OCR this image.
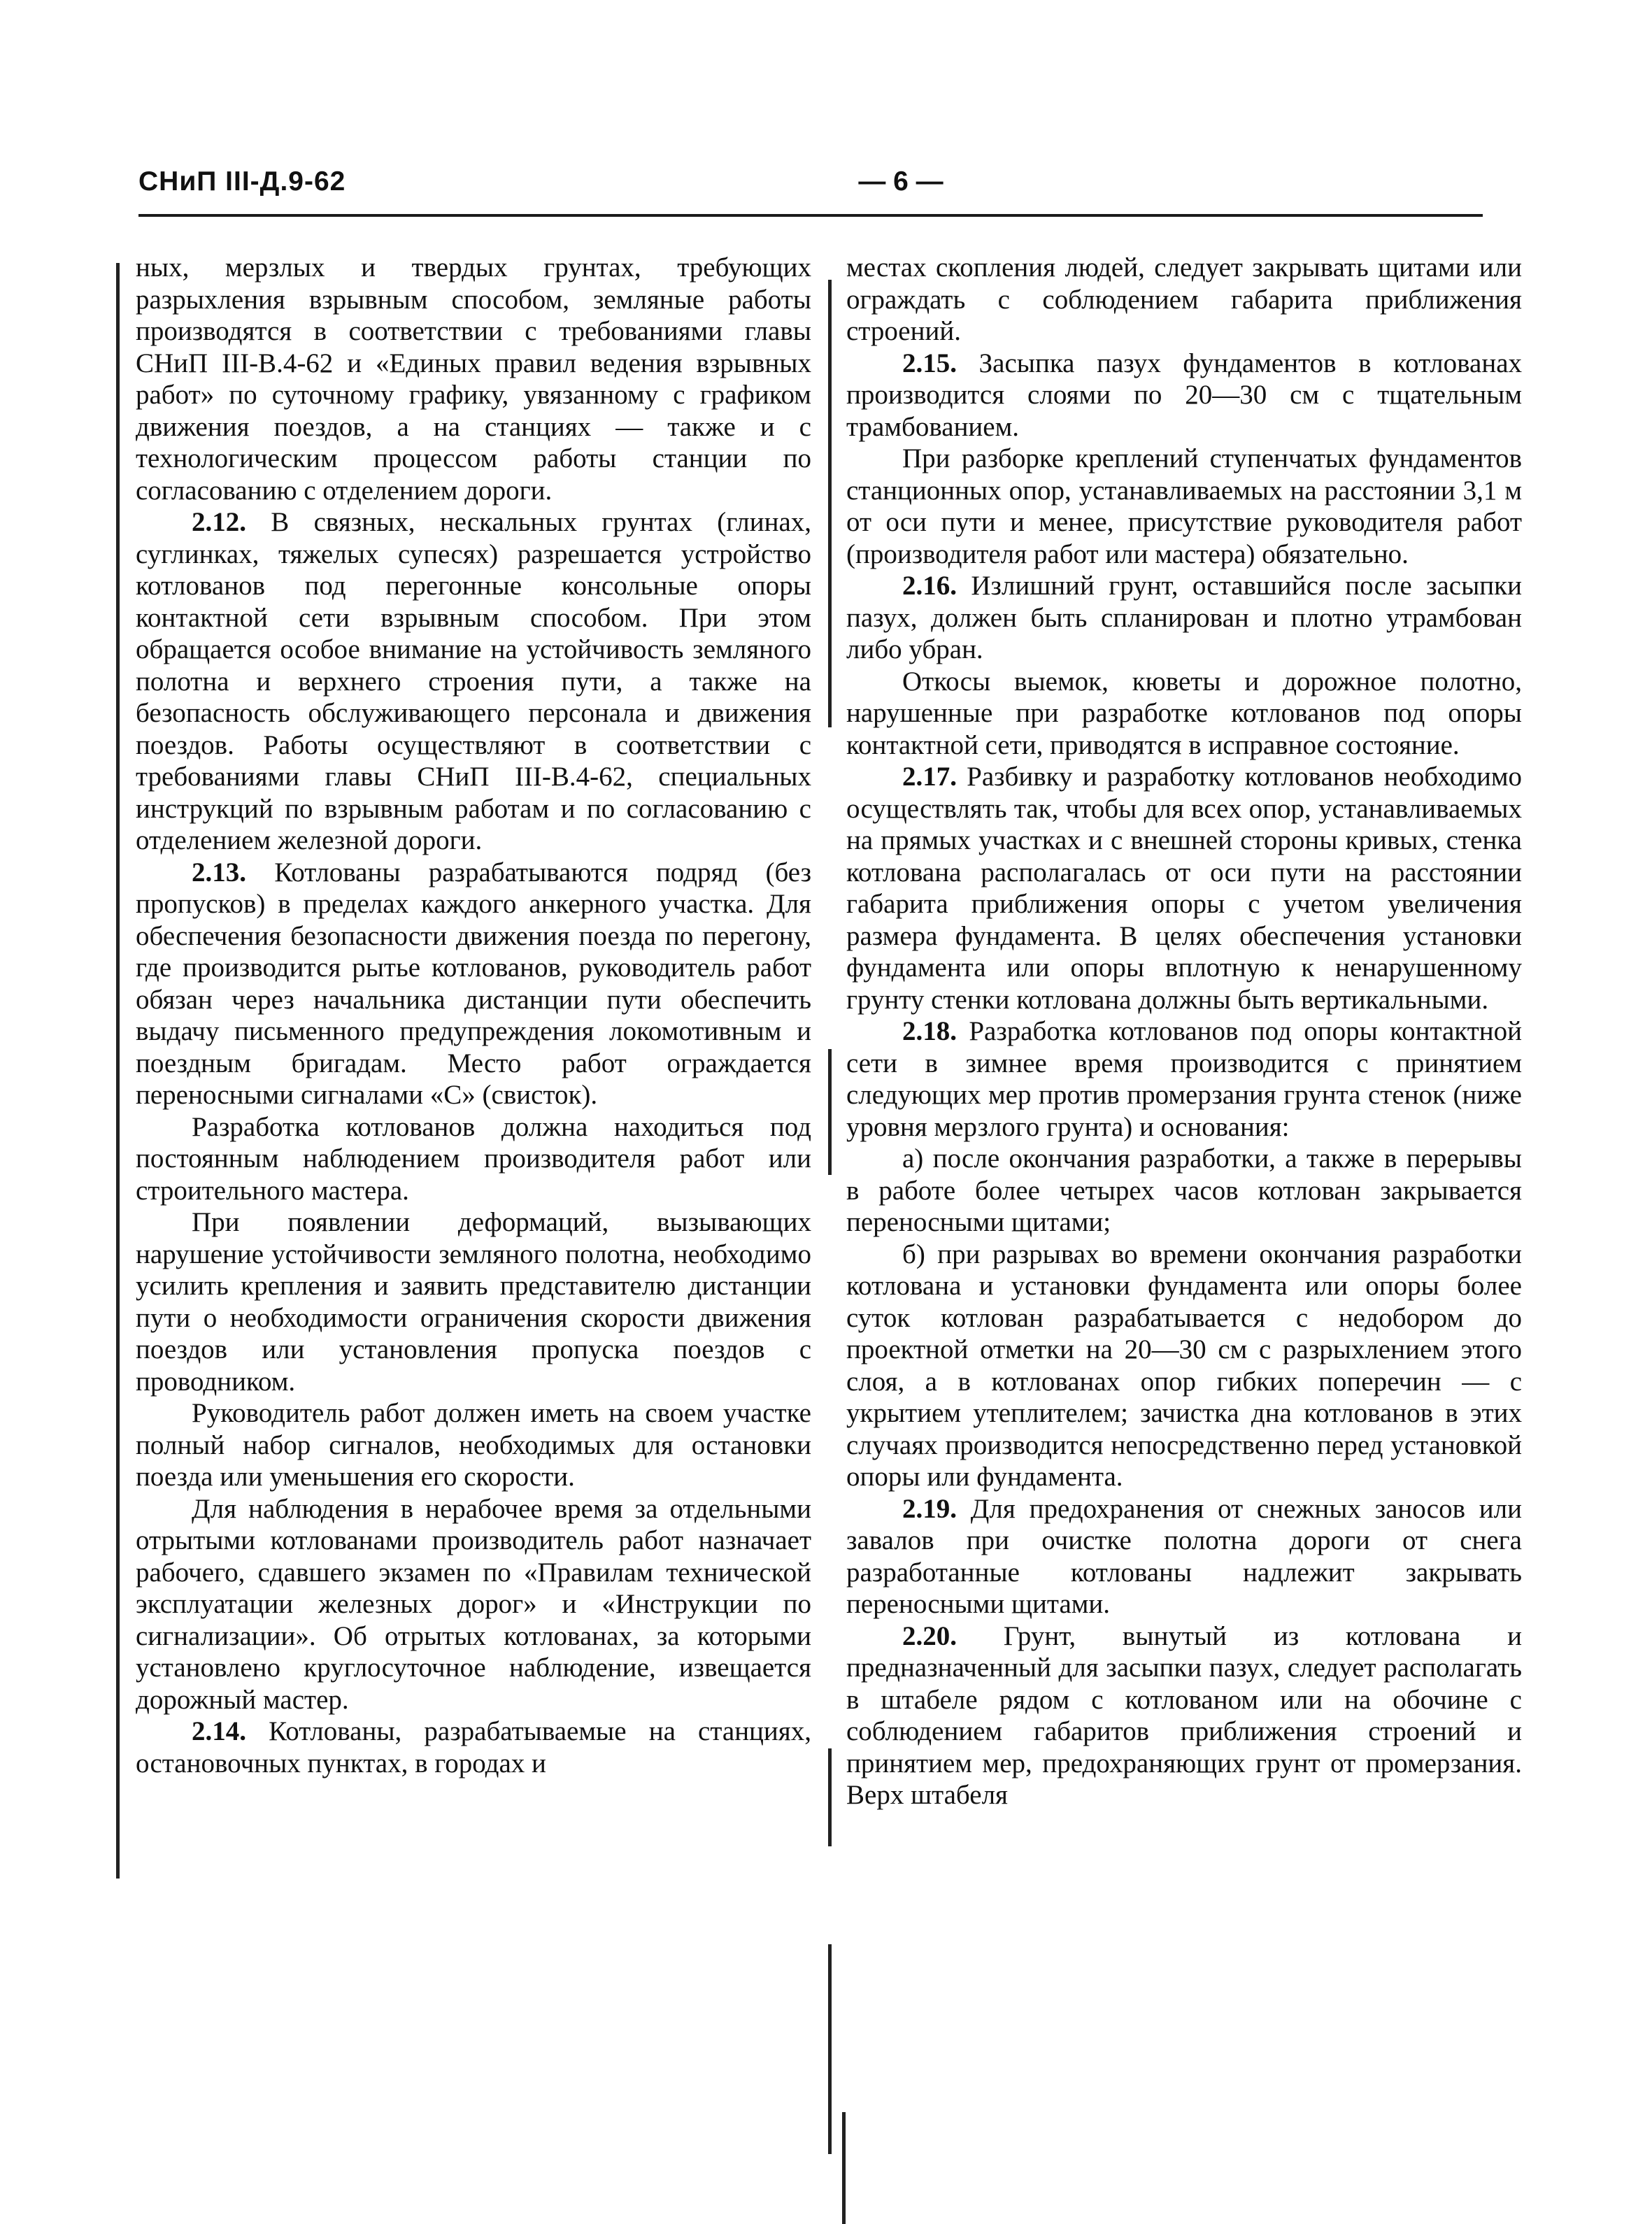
СНиП III-Д.9-62	— 6 —

ных, мерзлых и твердых грунтах, требующих разрыхления взрывным способом, земляные работы производятся в соответствии с требованиями главы СНиП III-В.4-62 и «Единых правил ведения взрывных работ» по суточному графику, увязанному с графиком движения поездов, а на станциях — также и с технологическим процессом работы станции по согласованию с отделением дороги.

2.12. В связных, нескальных грунтах (глинах, суглинках, тяжелых супесях) разрешается устройство котлованов под перегонные консольные опоры контактной сети взрывным способом. При этом обращается особое внимание на устойчивость земляного полотна и верхнего строения пути, а также на безопасность обслуживающего персонала и движения поездов. Работы осуществляют в соответствии с требованиями главы СНиП III-В.4-62, специальных инструкций по взрывным работам и по согласованию с отделением железной дороги.

2.13. Котлованы разрабатываются подряд (без пропусков) в пределах каждого анкерного участка. Для обеспечения безопасности движения поезда по перегону, где производится рытье котлованов, руководитель работ обязан через начальника дистанции пути обеспечить выдачу письменного предупреждения локомотивным и поездным бригадам. Место работ ограждается переносными сигналами «С» (свисток).

Разработка котлованов должна находиться под постоянным наблюдением производителя работ или строительного мастера.

При появлении деформаций, вызывающих нарушение устойчивости земляного полотна, необходимо усилить крепления и заявить представителю дистанции пути о необходимости ограничения скорости движения поездов или установления пропуска поездов с проводником.

Руководитель работ должен иметь на своем участке полный набор сигналов, необходимых для остановки поезда или уменьшения его скорости.

Для наблюдения в нерабочее время за отдельными отрытыми котлованами производитель работ назначает рабочего, сдавшего экзамен по «Правилам технической эксплуатации железных дорог» и «Инструкции по сигнализации». Об отрытых котлованах, за которыми установлено круглосуточное наблюдение, извещается дорожный мастер.

2.14. Котлованы, разрабатываемые на станциях, остановочных пунктах, в городах и

местах скопления людей, следует закрывать щитами или ограждать с соблюдением габарита приближения строений.

2.15. Засыпка пазух фундаментов в котлованах производится слоями по 20—30 см с тщательным трамбованием.

При разборке креплений ступенчатых фундаментов станционных опор, устанавливаемых на расстоянии 3,1 м от оси пути и менее, присутствие руководителя работ (производителя работ или мастера) обязательно.

2.16. Излишний грунт, оставшийся после засыпки пазух, должен быть спланирован и плотно утрамбован либо убран.

Откосы выемок, кюветы и дорожное полотно, нарушенные при разработке котлованов под опоры контактной сети, приводятся в исправное состояние.

2.17. Разбивку и разработку котлованов необходимо осуществлять так, чтобы для всех опор, устанавливаемых на прямых участках и с внешней стороны кривых, стенка котлована располагалась от оси пути на расстоянии габарита приближения опоры с учетом увеличения размера фундамента. В целях обеспечения установки фундамента или опоры вплотную к ненарушенному грунту стенки котлована должны быть вертикальными.

2.18. Разработка котлованов под опоры контактной сети в зимнее время производится с принятием следующих мер против промерзания грунта стенок (ниже уровня мерзлого грунта) и основания:

а) после окончания разработки, а также в перерывы в работе более четырех часов котлован закрывается переносными щитами;

б) при разрывах во времени окончания разработки котлована и установки фундамента или опоры более суток котлован разрабатывается с недобором до проектной отметки на 20—30 см с разрыхлением этого слоя, а в котлованах опор гибких поперечин — с укрытием утеплителем; зачистка дна котлованов в этих случаях производится непосредственно перед установкой опоры или фундамента.

2.19. Для предохранения от снежных заносов или завалов при очистке полотна дороги от снега разработанные котлованы надлежит закрывать переносными щитами.

2.20. Грунт, вынутый из котлована и предназначенный для засыпки пазух, следует располагать в штабеле рядом с котлованом или на обочине с соблюдением габаритов приближения строений и принятием мер, предохраняющих грунт от промерзания. Верх штабеля
